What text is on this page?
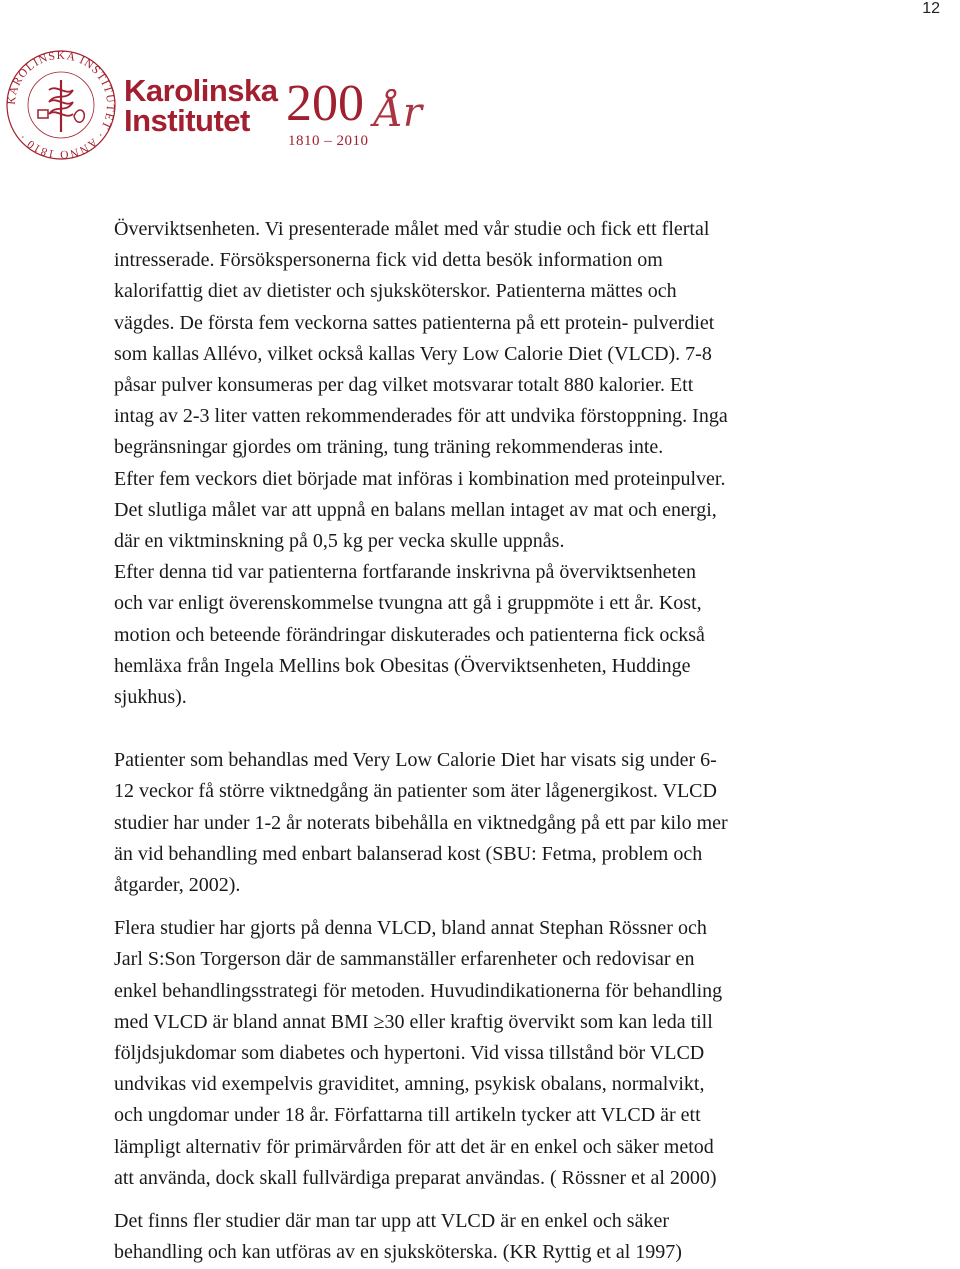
12
KAROLINSKA INSTITUTET · ANNO 1810 ·
Karolinska
Institutet 200 År
1810 – 2010

Överviktsenheten. Vi presenterade målet med vår studie och fick ett flertal
intresserade. Försökspersonerna fick vid detta besök information om
kalorifattig diet av dietister och sjuksköterskor. Patienterna mättes och
vägdes. De första fem veckorna sattes patienterna på ett protein- pulverdiet
som kallas Allévo, vilket också kallas Very Low Calorie Diet (VLCD). 7-8
påsar pulver konsumeras per dag vilket motsvarar totalt 880 kalorier. Ett
intag av 2-3 liter vatten rekommenderades för att undvika förstoppning. Inga
begränsningar gjordes om träning, tung träning rekommenderas inte.
Efter fem veckors diet började mat införas i kombination med proteinpulver.
Det slutliga målet var att uppnå en balans mellan intaget av mat och energi,
där en viktminskning på 0,5 kg per vecka skulle uppnås.
Efter denna tid var patienterna fortfarande inskrivna på överviktsenheten
och var enligt överenskommelse tvungna att gå i gruppmöte i ett år. Kost,
motion och beteende förändringar diskuterades och patienterna fick också
hemläxa från Ingela Mellins bok Obesitas (Överviktsenheten, Huddinge
sjukhus).

Patienter som behandlas med Very Low Calorie Diet har visats sig under 6-
12 veckor få större viktnedgång än patienter som äter lågenergikost. VLCD
studier har under 1-2 år noterats bibehålla en viktnedgång på ett par kilo mer
än vid behandling med enbart balanserad kost (SBU: Fetma, problem och
åtgarder, 2002).

Flera studier har gjorts på denna VLCD, bland annat Stephan Rössner och
Jarl S:Son Torgerson där de sammanställer erfarenheter och redovisar en
enkel behandlingsstrategi för metoden. Huvudindikationerna för behandling
med VLCD är bland annat BMI ≥30 eller kraftig övervikt som kan leda till
följdsjukdomar som diabetes och hypertoni. Vid vissa tillstånd bör VLCD
undvikas vid exempelvis graviditet, amning, psykisk obalans, normalvikt,
och ungdomar under 18 år. Författarna till artikeln tycker att VLCD är ett
lämpligt alternativ för primärvården för att det är en enkel och säker metod
att använda, dock skall fullvärdiga preparat användas. ( Rössner et al 2000)

Det finns fler studier där man tar upp att VLCD är en enkel och säker
behandling och kan utföras av en sjuksköterska. (KR Ryttig et al 1997)
